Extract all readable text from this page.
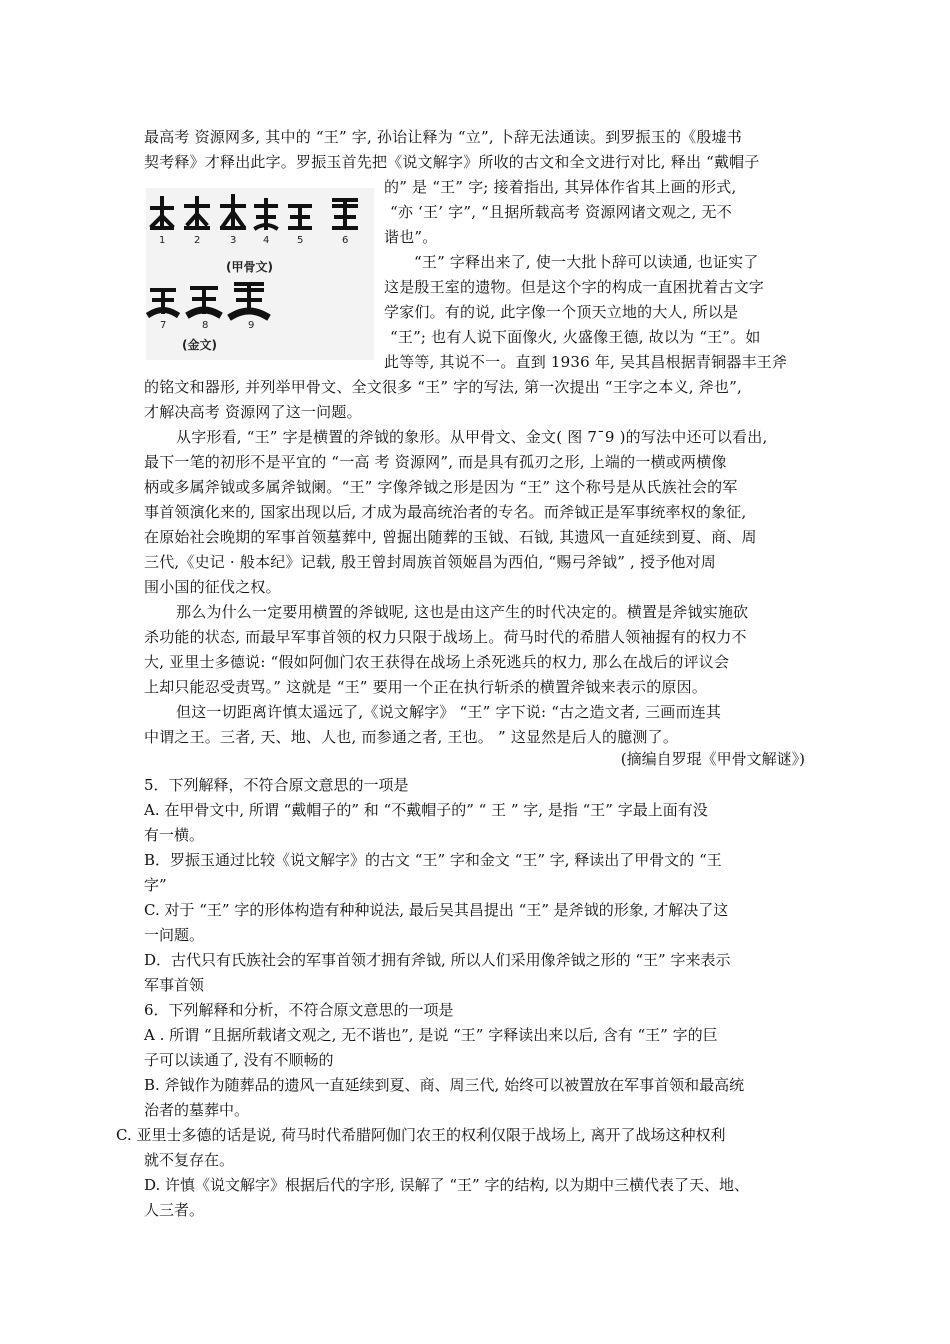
1	2	3	4	5	6
(甲骨文)
7	8	9
(金文)
最高考 资源网多, 其中的 “王” 字, 孙诒让释为 “立”, 卜辞无法通读。到罗振玉的《殷墟书
契考释》才释出此字。罗振玉首先把《说文解字》所收的古文和全文进行对比, 释出 “戴帽子
的” 是 “王” 字; 接着指出, 其异体作省其上画的形式,
“亦 ‘王’ 字”, “且据所载高考 资源网诸文观之, 无不
谐也”。
“王” 字释出来了, 使一大批卜辞可以读通, 也证实了
这是殷王室的遗物。但是这个字的构成一直困扰着古文字
学家们。有的说, 此字像一个顶天立地的大人, 所以是
“王”; 也有人说下面像火, 火盛像王德, 故以为 “王”。如
此等等, 其说不一。直到 1936 年, 吴其昌根据青铜器丰王斧
的铭文和器形, 并列举甲骨文、全文很多 “王” 字的写法, 第一次提出 “王字之本义, 斧也”,
才解决高考 资源网了这一问题。
从字形看, “王” 字是横置的斧钺的象形。从甲骨文、金文( 图 7¯9 )的写法中还可以看出,
最下一笔的初形不是平宜的 “一高 考 资源网”, 而是具有孤刃之形, 上端的一横或两横像
柄或多属斧钺或多属斧钺阑。“王” 字像斧钺之形是因为 “王” 这个称号是从氏族社会的军
事首领演化来的, 国家出现以后, 才成为最高统治者的专名。而斧钺正是军事统率权的象征,
在原始社会晚期的军事首领墓葬中, 曾掘出随葬的玉钺、石钺, 其遗风一直延续到夏、商、周
三代,《史记 · 般本纪》记载, 殷王曾封周族首领姬昌为西伯, “赐弓斧钺” , 授予他对周
围小国的征伐之权。
那么为什么一定要用横置的斧钺呢, 这也是由这产生的时代决定的。横置是斧钺实施砍
杀功能的状态, 而最早军事首领的权力只限于战场上。荷马时代的希腊人领袖握有的权力不
大, 亚里士多德说: “假如阿伽门农王获得在战场上杀死逃兵的权力, 那么在战后的评议会
上却只能忍受责骂。” 这就是 “王” 要用一个正在执行斩杀的横置斧钺来表示的原因。
但这一切距离许慎太遥远了,《说文解字》 “王” 字下说: “古之造文者, 三画而连其
中谓之王。三者, 天、地、人也, 而参通之者, 王也。 ” 这显然是后人的臆测了。
(摘编自罗琨《甲骨文解谜》)
5．下列解释，不符合原文意思的一项是
A. 在甲骨文中, 所谓 “戴帽子的” 和 “不戴帽子的” “ 王 ” 字, 是指 “王” 字最上面有没
有一横。
B．罗振玉通过比较《说文解字》的古文 “王” 字和金文 “王” 字, 释读出了甲骨文的 “王
字”
C. 对于 “王” 字的形体构造有种种说法, 最后吴其昌提出 “王” 是斧钺的形象, 才解决了这
一问题。
D．古代只有氏族社会的军事首领才拥有斧钺, 所以人们采用像斧钺之形的 “王” 字来表示
军事首领
6．下列解释和分析，不符合原文意思的一项是
A . 所谓 “且据所载诸文观之, 无不谐也”, 是说 “王” 字释读出来以后, 含有 “王” 字的巨
子可以读通了, 没有不顺畅的
B. 斧钺作为随葬品的遗风一直延续到夏、商、周三代, 始终可以被置放在军事首领和最高统
治者的墓葬中。
C. 亚里士多德的话是说, 荷马时代希腊阿伽门农王的权利仅限于战场上, 离开了战场这种权利
就不复存在。
D. 许慎《说文解字》根据后代的字形, 误解了 “王” 字的结构, 以为期中三横代表了天、地、
人三者。
